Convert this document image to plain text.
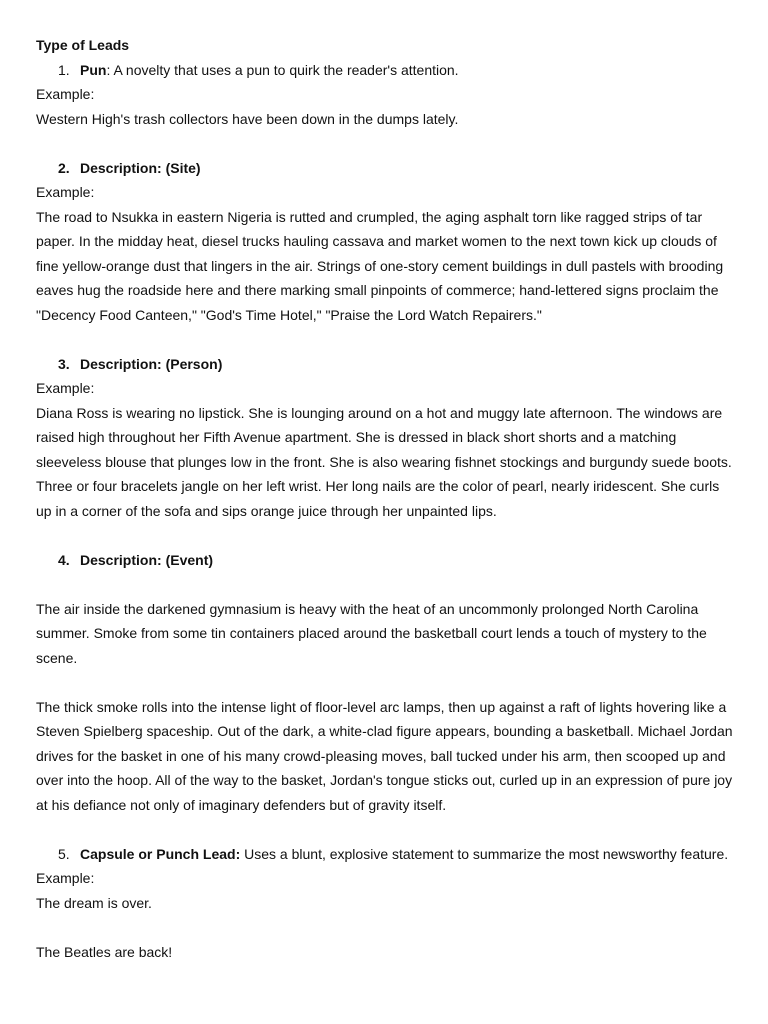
Type of Leads

1. Pun: A novelty that uses a pun to quirk the reader's attention.

Example:

Western High's trash collectors have been down in the dumps lately.

2. Description: (Site)

Example:

The road to Nsukka in eastern Nigeria is rutted and crumpled, the aging asphalt torn like ragged strips of tar paper. In the midday heat, diesel trucks hauling cassava and market women to the next town kick up clouds of fine yellow-orange dust that lingers in the air. Strings of one-story cement buildings in dull pastels with brooding eaves hug the roadside here and there marking small pinpoints of commerce; hand-lettered signs proclaim the "Decency Food Canteen," "God's Time Hotel," "Praise the Lord Watch Repairers."

3. Description: (Person)

Example:

Diana Ross is wearing no lipstick. She is lounging around on a hot and muggy late afternoon. The windows are raised high throughout her Fifth Avenue apartment. She is dressed in black short shorts and a matching sleeveless blouse that plunges low in the front. She is also wearing fishnet stockings and burgundy suede boots. Three or four bracelets jangle on her left wrist. Her long nails are the color of pearl, nearly iridescent. She curls up in a corner of the sofa and sips orange juice through her unpainted lips.

4. Description: (Event)

The air inside the darkened gymnasium is heavy with the heat of an uncommonly prolonged North Carolina summer. Smoke from some tin containers placed around the basketball court lends a touch of mystery to the scene.

The thick smoke rolls into the intense light of floor-level arc lamps, then up against a raft of lights hovering like a Steven Spielberg spaceship. Out of the dark, a white-clad figure appears, bounding a basketball. Michael Jordan drives for the basket in one of his many crowd-pleasing moves, ball tucked under his arm, then scooped up and over into the hoop. All of the way to the basket, Jordan's tongue sticks out, curled up in an expression of pure joy at his defiance not only of imaginary defenders but of gravity itself.

5. Capsule or Punch Lead: Uses a blunt, explosive statement to summarize the most newsworthy feature.

Example:

The dream is over.

The Beatles are back!
